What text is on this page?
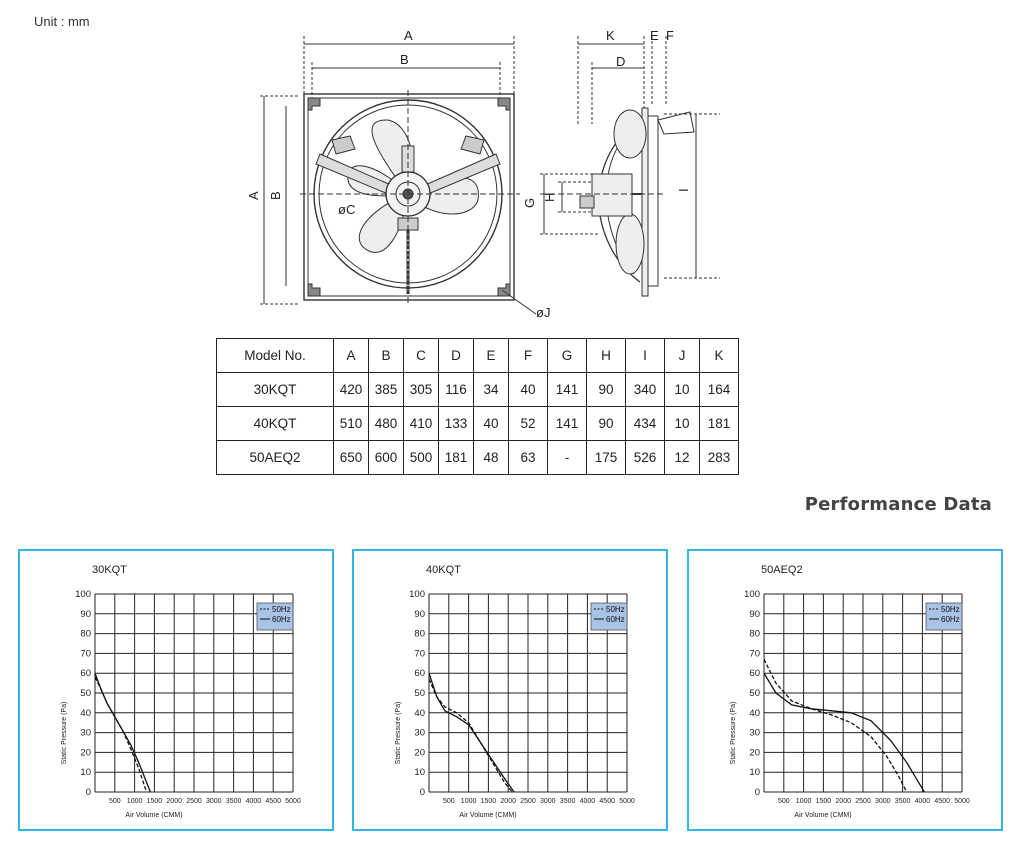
Unit : mm
A
B
A B
øC
øJ
K	E F
D
G
H
I
Model No.	A	B	C	D	E	F	G	H	I	J	K
30KQT	420	385	305	116	34	40	141	90	340	10	164
40KQT	510	480	410	133	40	52	141	90	434	10	181
50AEQ2	650	600	500	181	48	63	-	175	526	12	283
Performance Data
30KQT
0
10
20
30
40
50
60
70
80
90
100
500 1000 1500 2000 2500 3000 3500 4000 4500 5000
Air Volume (CMM)
Static Pressure (Pa)
50Hz
60Hz
40KQT
0
10
20
30
40
50
60
70
80
90
100
500 1000 1500 2000 2500 3000 3500 4000 4500 5000
Air Volume (CMM)
Static Pressure (Pa)
50Hz
60Hz
50AEQ2
0
10
20
30
40
50
60
70
80
90
100
500 1000 1500 2000 2500 3000 3500 4000 4500 5000
Air Volume (CMM)
Static Pressure (Pa)
50Hz
60Hz
